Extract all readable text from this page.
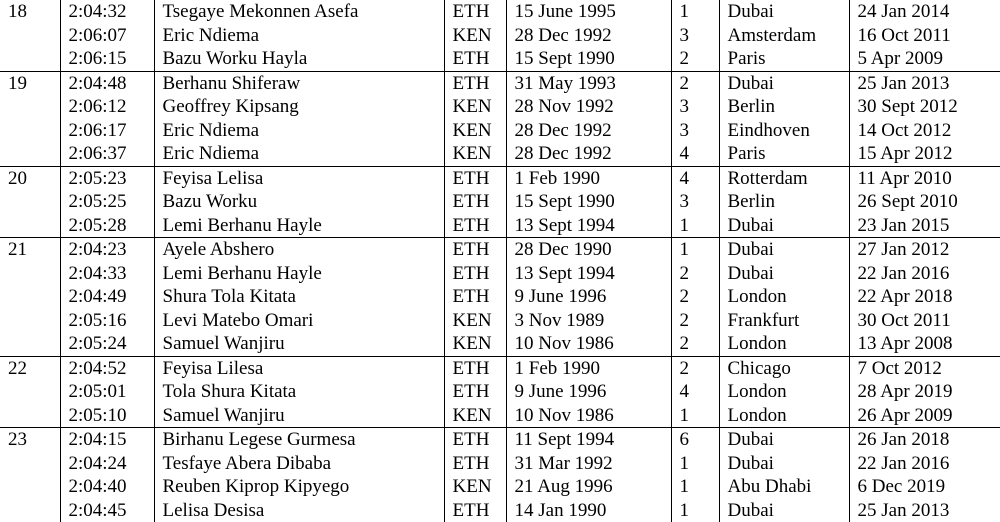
18	2:04:32	Tsegaye Mekonnen Asefa	ETH	15 June 1995	1	Dubai	24 Jan 2014
	2:06:07	Eric Ndiema	KEN	28 Dec 1992	3	Amsterdam	16 Oct 2011
	2:06:15	Bazu Worku Hayla	ETH	15 Sept 1990	2	Paris	5 Apr 2009
19	2:04:48	Berhanu Shiferaw	ETH	31 May 1993	2	Dubai	25 Jan 2013
	2:06:12	Geoffrey Kipsang	KEN	28 Nov 1992	3	Berlin	30 Sept 2012
	2:06:17	Eric Ndiema	KEN	28 Dec 1992	3	Eindhoven	14 Oct 2012
	2:06:37	Eric Ndiema	KEN	28 Dec 1992	4	Paris	15 Apr 2012
20	2:05:23	Feyisa Lelisa	ETH	1 Feb 1990	4	Rotterdam	11 Apr 2010
	2:05:25	Bazu Worku	ETH	15 Sept 1990	3	Berlin	26 Sept 2010
	2:05:28	Lemi Berhanu Hayle	ETH	13 Sept 1994	1	Dubai	23 Jan 2015
21	2:04:23	Ayele Abshero	ETH	28 Dec 1990	1	Dubai	27 Jan 2012
	2:04:33	Lemi Berhanu Hayle	ETH	13 Sept 1994	2	Dubai	22 Jan 2016
	2:04:49	Shura Tola Kitata	ETH	9 June 1996	2	London	22 Apr 2018
	2:05:16	Levi Matebo Omari	KEN	3 Nov 1989	2	Frankfurt	30 Oct 2011
	2:05:24	Samuel Wanjiru	KEN	10 Nov 1986	2	London	13 Apr 2008
22	2:04:52	Feyisa Lilesa	ETH	1 Feb 1990	2	Chicago	7 Oct 2012
	2:05:01	Tola Shura Kitata	ETH	9 June 1996	4	London	28 Apr 2019
	2:05:10	Samuel Wanjiru	KEN	10 Nov 1986	1	London	26 Apr 2009
23	2:04:15	Birhanu Legese Gurmesa	ETH	11 Sept 1994	6	Dubai	26 Jan 2018
	2:04:24	Tesfaye Abera Dibaba	ETH	31 Mar 1992	1	Dubai	22 Jan 2016
	2:04:40	Reuben Kiprop Kipyego	KEN	21 Aug 1996	1	Abu Dhabi	6 Dec 2019
	2:04:45	Lelisa Desisa	ETH	14 Jan 1990	1	Dubai	25 Jan 2013
